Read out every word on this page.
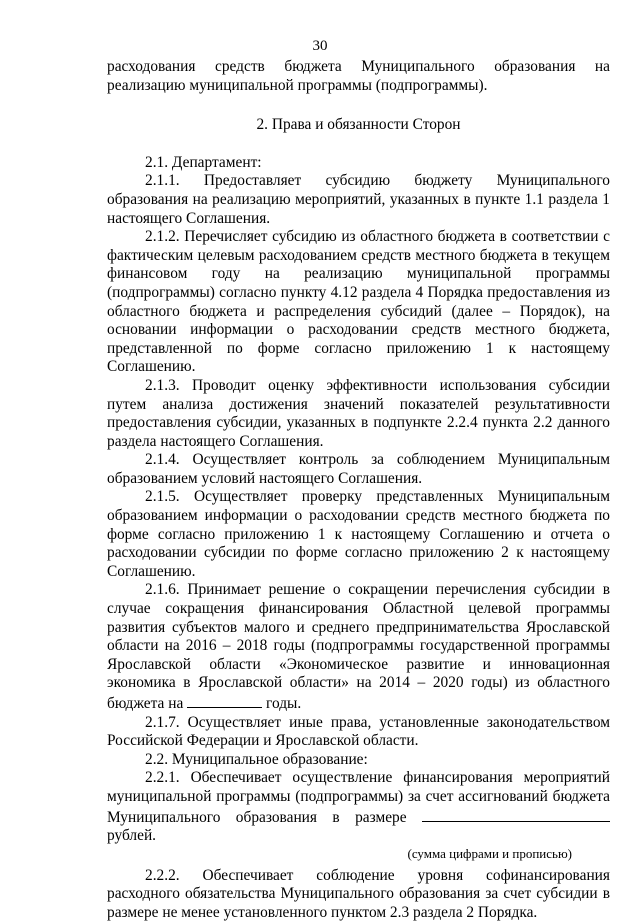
30

расходования средств бюджета Муниципального образования на реализацию муниципальной программы (подпрограммы).

2. Права и обязанности Сторон

2.1. Департамент:

2.1.1. Предоставляет субсидию бюджету Муниципального образования на реализацию мероприятий, указанных в пункте 1.1 раздела 1 настоящего Соглашения.

2.1.2. Перечисляет субсидию из областного бюджета в соответствии с фактическим целевым расходованием средств местного бюджета в текущем финансовом году на реализацию муниципальной программы (подпрограммы) согласно пункту 4.12 раздела 4 Порядка предоставления из областного бюджета и распределения субсидий (далее – Порядок), на основании информации о расходовании средств местного бюджета, представленной по форме согласно приложению 1 к настоящему Соглашению.

2.1.3. Проводит оценку эффективности использования субсидии путем анализа достижения значений показателей результативности предоставления субсидии, указанных в подпункте 2.2.4 пункта 2.2 данного раздела настоящего Соглашения.

2.1.4. Осуществляет контроль за соблюдением Муниципальным образованием условий настоящего Соглашения.

2.1.5. Осуществляет проверку представленных Муниципальным образованием информации о расходовании средств местного бюджета по форме согласно приложению 1 к настоящему Соглашению и отчета о расходовании субсидии по форме согласно приложению 2 к настоящему Соглашению.

2.1.6. Принимает решение о сокращении перечисления субсидии в случае сокращения финансирования Областной целевой программы развития субъектов малого и среднего предпринимательства Ярославской области на 2016 – 2018 годы (подпрограммы государственной программы Ярославской области «Экономическое развитие и инновационная экономика в Ярославской области» на 2014 – 2020 годы) из областного бюджета на	годы.

2.1.7. Осуществляет иные права, установленные законодательством Российской Федерации и Ярославской области.

2.2. Муниципальное образование:

2.2.1. Обеспечивает осуществление финансирования мероприятий муниципальной программы (подпрограммы) за счет ассигнований бюджета Муниципального образования в размере  рублей.

(сумма цифрами и прописью)

2.2.2. Обеспечивает соблюдение уровня софинансирования расходного обязательства Муниципального образования за счет субсидии в размере не менее установленного пунктом 2.3 раздела 2 Порядка.
